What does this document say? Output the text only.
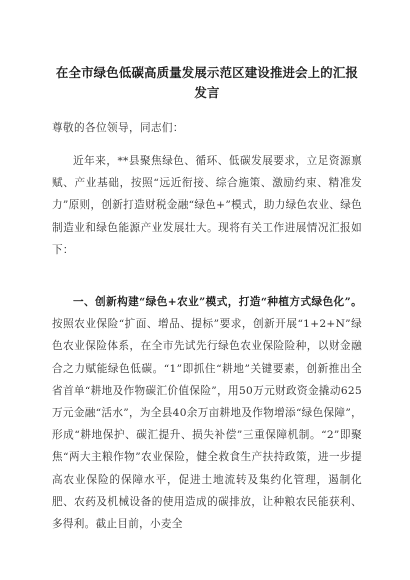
在全市绿色低碳高质量发展示范区建设推进会上的汇报发言
尊敬的各位领导，同志们：
近年来，**县聚焦绿色、循环、低碳发展要求，立足资源禀赋、产业基础，按照“远近衔接、综合施策、激励约束、精准发力”原则，创新打造财税金融“绿色+”模式，助力绿色农业、绿色制造业和绿色能源产业发展壮大。现将有关工作进展情况汇报如下：
一、创新构建“绿色+农业”模式，打造“种植方式绿色化”。按照农业保险“扩面、增品、提标”要求，创新开展“1+2+N”绿色农业保险体系，在全市先试先行绿色农业保险险种，以财金融合之力赋能绿色低碳。“1”即抓住“耕地”关键要素，创新推出全省首单“耕地及作物碳汇价值保险”，用50万元财政资金撬动625万元金融“活水”，为全县40余万亩耕地及作物增添“绿色保障”，形成“耕地保护、碳汇提升、损失补偿”三重保障机制。“2”即聚焦“两大主粮作物”农业保险，健全救食生产扶持政策，进一步提高农业保险的保障水平，促进土地流转及集约化管理，遏制化肥、农药及机械设备的使用造成的碳排放，让种粮农民能获利、多得利。截止目前，小麦全
